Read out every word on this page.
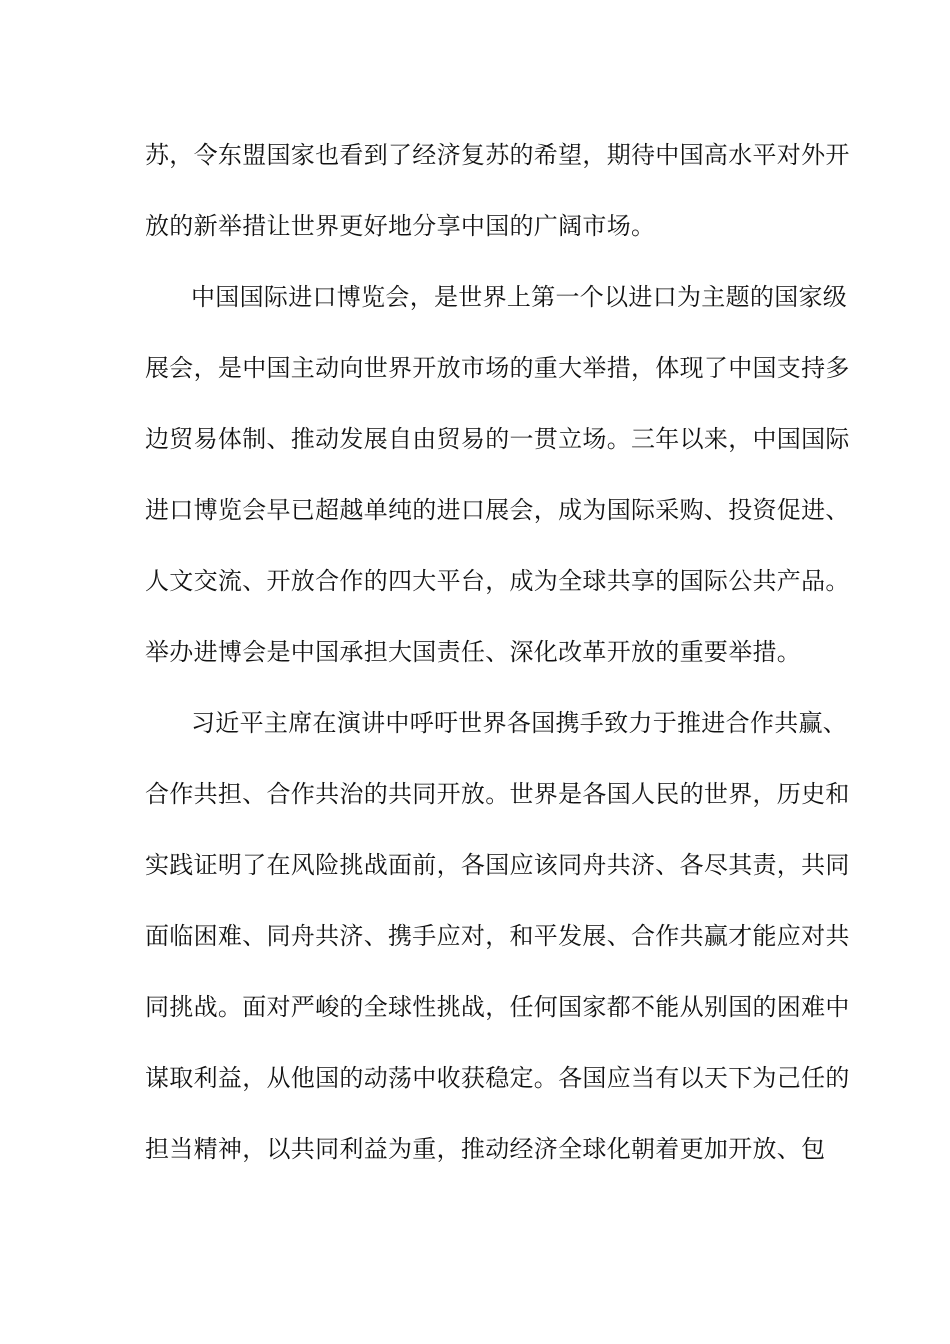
苏，令东盟国家也看到了经济复苏的希望，期待中国高水平对外开
放的新举措让世界更好地分享中国的广阔市场。
中国国际进口博览会，是世界上第一个以进口为主题的国家级
展会，是中国主动向世界开放市场的重大举措，体现了中国支持多
边贸易体制、推动发展自由贸易的一贯立场。三年以来，中国国际
进口博览会早已超越单纯的进口展会，成为国际采购、投资促进、
人文交流、开放合作的四大平台，成为全球共享的国际公共产品。
举办进博会是中国承担大国责任、深化改革开放的重要举措。
习近平主席在演讲中呼吁世界各国携手致力于推进合作共赢、
合作共担、合作共治的共同开放。世界是各国人民的世界，历史和
实践证明了在风险挑战面前，各国应该同舟共济、各尽其责，共同
面临困难、同舟共济、携手应对，和平发展、合作共赢才能应对共
同挑战。面对严峻的全球性挑战，任何国家都不能从别国的困难中
谋取利益，从他国的动荡中收获稳定。各国应当有以天下为己任的
担当精神，以共同利益为重，推动经济全球化朝着更加开放、包
